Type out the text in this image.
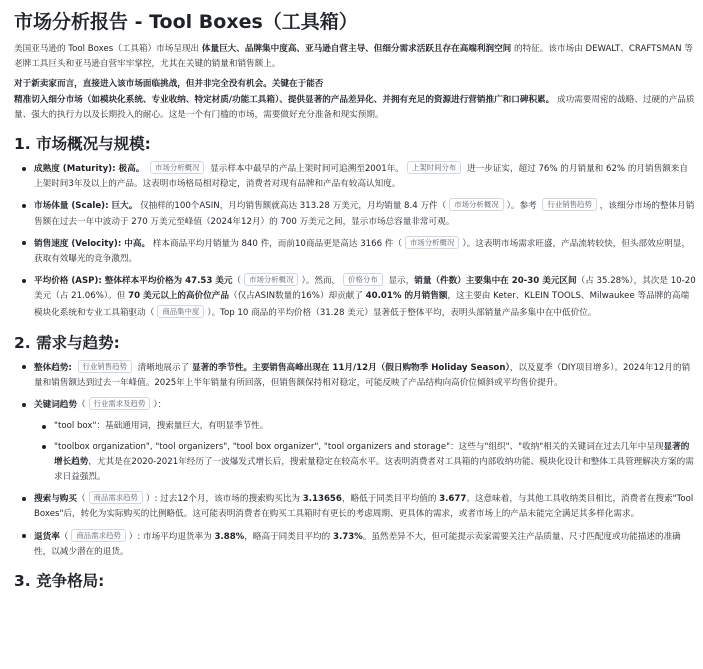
市场分析报告 - Tool Boxes（工具箱）

美国亚马逊的 Tool Boxes（工具箱）市场呈现出 体量巨大、品牌集中度高、亚马逊自营主导、但细分需求活跃且存在高端利润空间 的特征。该市场由 DEWALT、CRAFTSMAN 等老牌工具巨头和亚马逊自营牢牢掌控，尤其在关键的销量和销售额上。

对于新卖家而言，直接进入该市场面临挑战，但并非完全没有机会。关键在于能否
精准切入细分市场（如模块化系统、专业收纳、特定材质/功能工具箱）、提供显著的产品差异化、并拥有充足的资源进行营销推广和口碑积累。 成功需要周密的战略、过硬的产品质量、强大的执行力以及长期投入的耐心。这是一个有门槛的市场，需要做好充分准备和现实预期。

1. 市场概况与规模:
成熟度 (Maturity): 极高。 市场分析概况 显示样本中最早的产品上架时间可追溯至2001年。 上架时间分布 进一步证实，超过 76% 的月销量和 62% 的月销售额来自上架时间3年及以上的产品。这表明市场格局相对稳定，消费者对现有品牌和产品有较高认知度。
市场体量 (Scale): 巨大。 仅抽样的100个ASIN，月均销售额就高达 313.28 万美元，月均销量 8.4 万件（ 市场分析概况 ）。参考 行业销售趋势 ，该细分市场的整体月销售额在过去一年中波动于 270 万美元至峰值（2024年12月）的 700 万美元之间，显示市场总容量非常可观。
销售速度 (Velocity): 中高。 样本商品平均月销量为 840 件，而前10商品更是高达 3166 件（ 市场分析概况 ）。这表明市场需求旺盛，产品流转较快，但头部效应明显，获取有效曝光的竞争激烈。
平均价格 (ASP): 整体样本平均价格为 47.53 美元（ 市场分析概况 ）。然而， 价格分布 显示，销量（件数）主要集中在 20-30 美元区间（占 35.28%），其次是 10-20 美元（占 21.06%）。但 70 美元以上的高价位产品（仅占ASIN数量的16%）却贡献了 40.01% 的月销售额，这主要由 Keter、KLEIN TOOLS、Milwaukee 等品牌的高端模块化系统和专业工具箱驱动（ 商品集中度 ）。Top 10 商品的平均价格（31.28 美元）显著低于整体平均，表明头部销量产品多集中在中低价位。
2. 需求与趋势:
整体趋势: 行业销售趋势 清晰地展示了 显著的季节性。主要销售高峰出现在 11月/12月（假日购物季 Holiday Season），以及夏季（DIY项目增多）。2024年12月的销量和销售额达到过去一年峰值。2025年上半年销量有所回落，但销售额保持相对稳定，可能反映了产品结构向高价位倾斜或平均售价提升。
关键词趋势（ 行业需求及趋势 ）：
"tool box"：基础通用词，搜索量巨大，有明显季节性。
"toolbox organization", "tool organizers", "tool box organizer", "tool organizers and storage"：这些与"组织"、"收纳"相关的关键词在过去几年中呈现显著的增长趋势，尤其是在2020-2021年经历了一波爆发式增长后，搜索量稳定在较高水平。这表明消费者对工具箱的内部收纳功能、模块化设计和整体工具管理解决方案的需求日益强烈。
搜索与购买（ 商品需求趋势 ）: 过去12个月，该市场的搜索购买比为 3.13656，略低于同类目平均值的 3.677。这意味着，与其他工具收纳类目相比，消费者在搜索"Tool Boxes"后，转化为实际购买的比例略低。这可能表明消费者在购买工具箱时有更长的考虑周期、更具体的需求，或者市场上的产品未能完全满足其多样化需求。
退货率（ 商品需求趋势 ）: 市场平均退货率为 3.88%，略高于同类目平均的 3.73%。虽然差异不大，但可能提示卖家需要关注产品质量、尺寸匹配度或功能描述的准确性，以减少潜在的退货。
3. 竞争格局:
